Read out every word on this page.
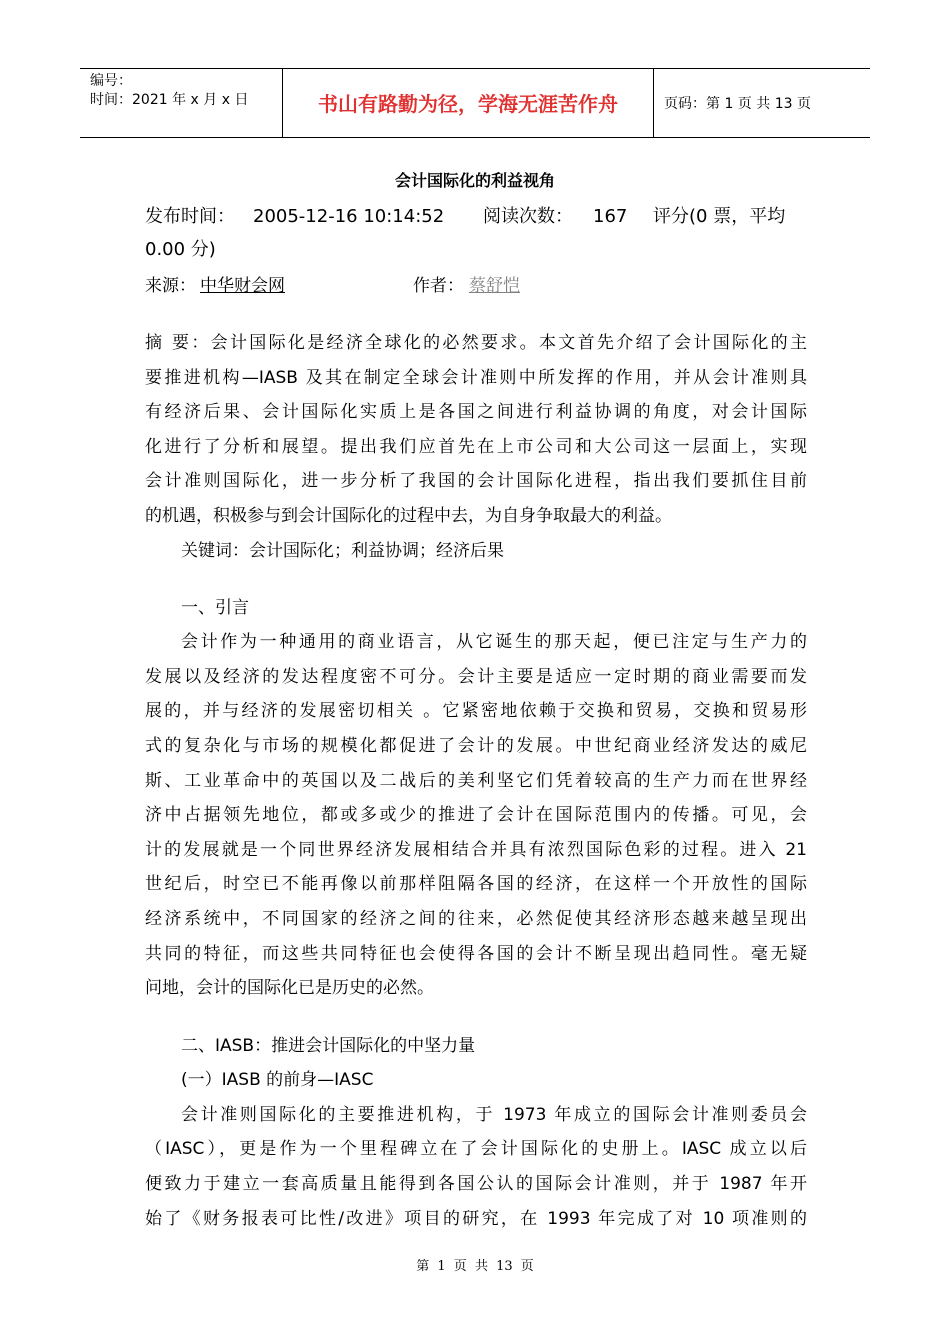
编号：
时间：2021 年 x 月 x 日	书山有路勤为径，学海无涯苦作舟	页码：第 1 页 共 13 页
会计国际化的利益视角
发布时间： 2005-12-16 10:14:52 阅读次数： 167 评分(0 票，平均
0.00 分)
来源： 中华财会网	作者： 蔡舒恺
摘 要：会计国际化是经济全球化的必然要求。本文首先介绍了会计国际化的主
要推进机构—IASB 及其在制定全球会计准则中所发挥的作用，并从会计准则具
有经济后果、会计国际化实质上是各国之间进行利益协调的角度，对会计国际
化进行了分析和展望。提出我们应首先在上市公司和大公司这一层面上，实现
会计准则国际化，进一步分析了我国的会计国际化进程，指出我们要抓住目前
的机遇，积极参与到会计国际化的过程中去，为自身争取最大的利益。
关键词：会计国际化；利益协调；经济后果
一、引言
会计作为一种通用的商业语言，从它诞生的那天起，便已注定与生产力的
发展以及经济的发达程度密不可分。会计主要是适应一定时期的商业需要而发
展的，并与经济的发展密切相关 。它紧密地依赖于交换和贸易，交换和贸易形
式的复杂化与市场的规模化都促进了会计的发展。中世纪商业经济发达的威尼
斯、工业革命中的英国以及二战后的美利坚它们凭着较高的生产力而在世界经
济中占据领先地位，都或多或少的推进了会计在国际范围内的传播。可见，会
计的发展就是一个同世界经济发展相结合并具有浓烈国际色彩的过程。进入 21
世纪后，时空已不能再像以前那样阻隔各国的经济，在这样一个开放性的国际
经济系统中，不同国家的经济之间的往来，必然促使其经济形态越来越呈现出
共同的特征，而这些共同特征也会使得各国的会计不断呈现出趋同性。毫无疑
问地，会计的国际化已是历史的必然。
二、IASB：推进会计国际化的中坚力量
(一）IASB 的前身—IASC
会计准则国际化的主要推进机构，于 1973 年成立的国际会计准则委员会
（IASC），更是作为一个里程碑立在了会计国际化的史册上。IASC 成立以后
便致力于建立一套高质量且能得到各国公认的国际会计准则，并于 1987 年开
始了《财务报表可比性/改进》项目的研究，在 1993 年完成了对 10 项准则的
第 1 页 共 13 页
